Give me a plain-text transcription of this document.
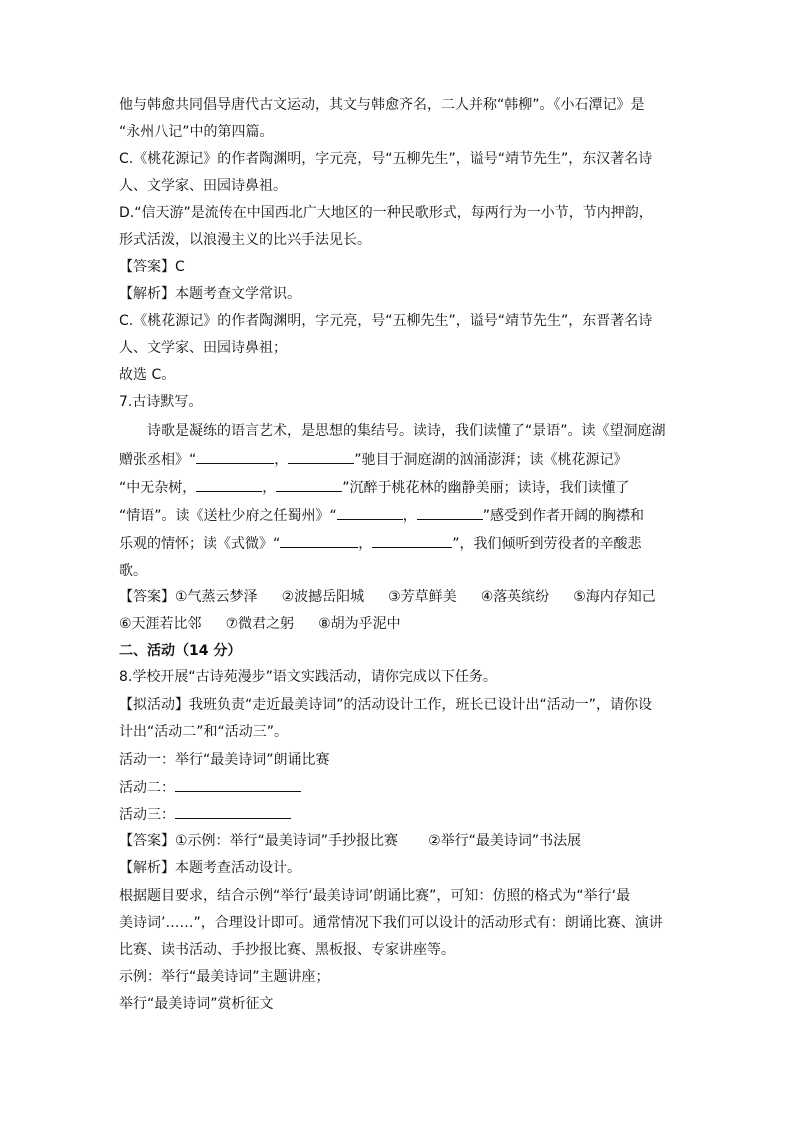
他与韩愈共同倡导唐代古文运动，其文与韩愈齐名，二人并称“韩柳”。《小石潭记》是
“永州八记”中的第四篇。
C.《桃花源记》的作者陶渊明，字元亮，号“五柳先生”，谥号“靖节先生”，东汉著名诗
人、文学家、田园诗鼻祖。
D.“信天游”是流传在中国西北广大地区的一种民歌形式，每两行为一小节，节内押韵，
形式活泼，以浪漫主义的比兴手法见长。
【答案】C
【解析】本题考查文学常识。
C.《桃花源记》的作者陶渊明，字元亮，号“五柳先生”，谥号“靖节先生”，东晋著名诗
人、文学家、田园诗鼻祖；
故选 C。
7.古诗默写。
诗歌是凝练的语言艺术，是思想的集结号。读诗，我们读懂了“景语”。读《望洞庭湖
赠张丞相》“	，	”驰目于洞庭湖的汹涌澎湃；读《桃花源记》
“中无杂树，	，	”沉醉于桃花林的幽静美丽；读诗，我们读懂了
“情语”。读《送杜少府之任蜀州》“	，	”感受到作者开阔的胸襟和
乐观的情怀；读《式微》“	，	”，我们倾听到劳役者的辛酸悲
歌。
【答案】①气蒸云梦泽 ②波撼岳阳城 ③芳草鲜美 ④落英缤纷 ⑤海内存知己
⑥天涯若比邻 ⑦微君之躬 ⑧胡为乎泥中
二、活动（14 分）
8.学校开展“古诗苑漫步”语文实践活动，请你完成以下任务。
【拟活动】我班负责“走近最美诗词”的活动设计工作，班长已设计出“活动一”，请你设
计出“活动二”和“活动三”。
活动一：举行“最美诗词”朗诵比赛
活动二：
活动三：
【答案】①示例：举行“最美诗词”手抄报比赛 ②举行“最美诗词”书法展
【解析】本题考查活动设计。
根据题目要求，结合示例“举行‘最美诗词’朗诵比赛”，可知：仿照的格式为“举行‘最
美诗词’……”，合理设计即可。通常情况下我们可以设计的活动形式有：朗诵比赛、演讲
比赛、读书活动、手抄报比赛、黑板报、专家讲座等。
示例：举行“最美诗词”主题讲座；
举行“最美诗词”赏析征文
